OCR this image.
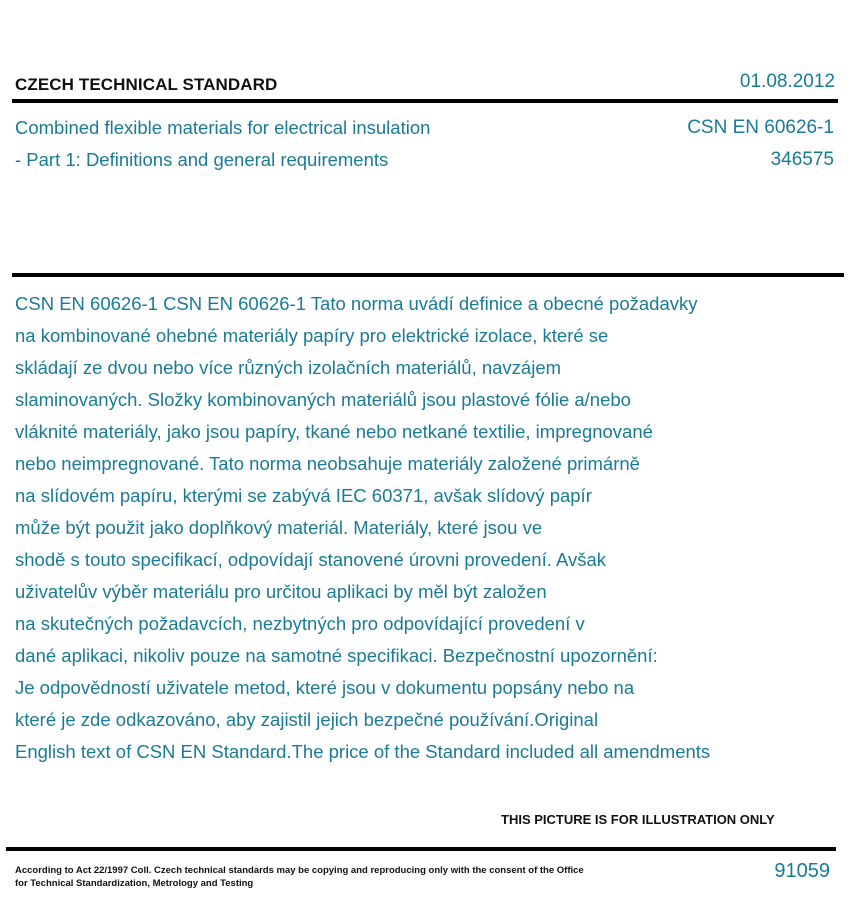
CZECH TECHNICAL STANDARD	01.08.2012
Combined flexible materials for electrical insulation
- Part 1: Definitions and general requirements
CSN EN 60626-1
346575
CSN EN 60626-1 CSN EN 60626-1 Tato norma uvádí definice a obecné požadavky
na kombinované ohebné materiály papíry pro elektrické izolace, které se
skládají ze dvou nebo více různých izolačních materiálů, navzájem
slaminovaných. Složky kombinovaných materiálů jsou plastové fólie a/nebo
vláknité materiály, jako jsou papíry, tkané nebo netkané textilie, impregnované
nebo neimpregnované. Tato norma neobsahuje materiály založené primárně
na slídovém papíru, kterými se zabývá IEC 60371, avšak slídový papír
může být použit jako doplňkový materiál. Materiály, které jsou ve
shodě s touto specifikací, odpovídají stanovené úrovni provedení. Avšak
uživatelův výběr materiálu pro určitou aplikaci by měl být založen
na skutečných požadavcích, nezbytných pro odpovídající provedení v
dané aplikaci, nikoliv pouze na samotné specifikaci. Bezpečnostní upozornění:
Je odpovědností uživatele metod, které jsou v dokumentu popsány nebo na
které je zde odkazováno, aby zajistil jejich bezpečné používání.Original
English text of CSN EN Standard.The price of the Standard included all amendments
THIS PICTURE IS FOR ILLUSTRATION ONLY
According to Act 22/1997 Coll. Czech technical standards may be copying and reproducing only with the consent of the Office
for Technical Standardization, Metrology and Testing
91059
